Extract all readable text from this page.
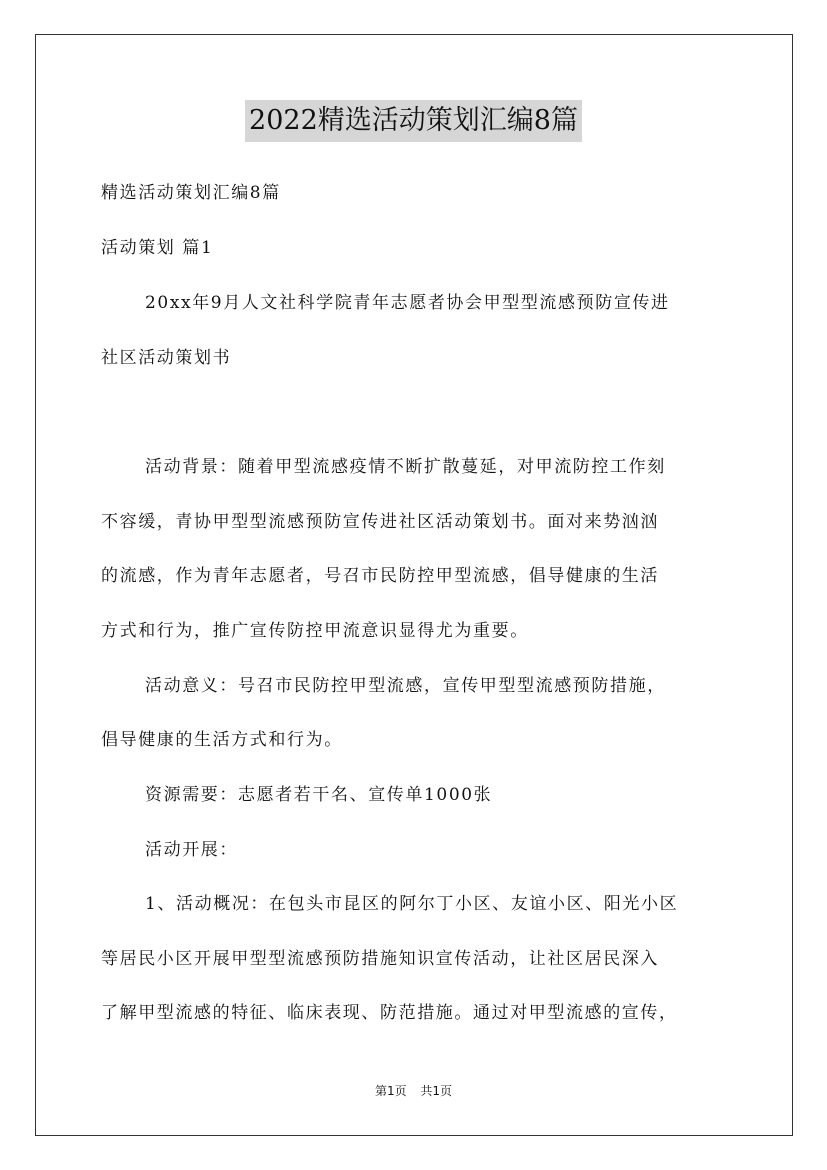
2022精选活动策划汇编8篇
精选活动策划汇编8篇
活动策划 篇1
20xx年9月人文社科学院青年志愿者协会甲型型流感预防宣传进
社区活动策划书
活动背景：随着甲型流感疫情不断扩散蔓延，对甲流防控工作刻
不容缓，青协甲型型流感预防宣传进社区活动策划书。面对来势汹汹
的流感，作为青年志愿者，号召市民防控甲型流感，倡导健康的生活
方式和行为，推广宣传防控甲流意识显得尤为重要。
活动意义：号召市民防控甲型流感，宣传甲型型流感预防措施，
倡导健康的生活方式和行为。
资源需要：志愿者若干名、宣传单1000张
活动开展：
1、活动概况：在包头市昆区的阿尔丁小区、友谊小区、阳光小区
等居民小区开展甲型型流感预防措施知识宣传活动，让社区居民深入
了解甲型流感的特征、临床表现、防范措施。通过对甲型流感的宣传，
第1页 共1页
